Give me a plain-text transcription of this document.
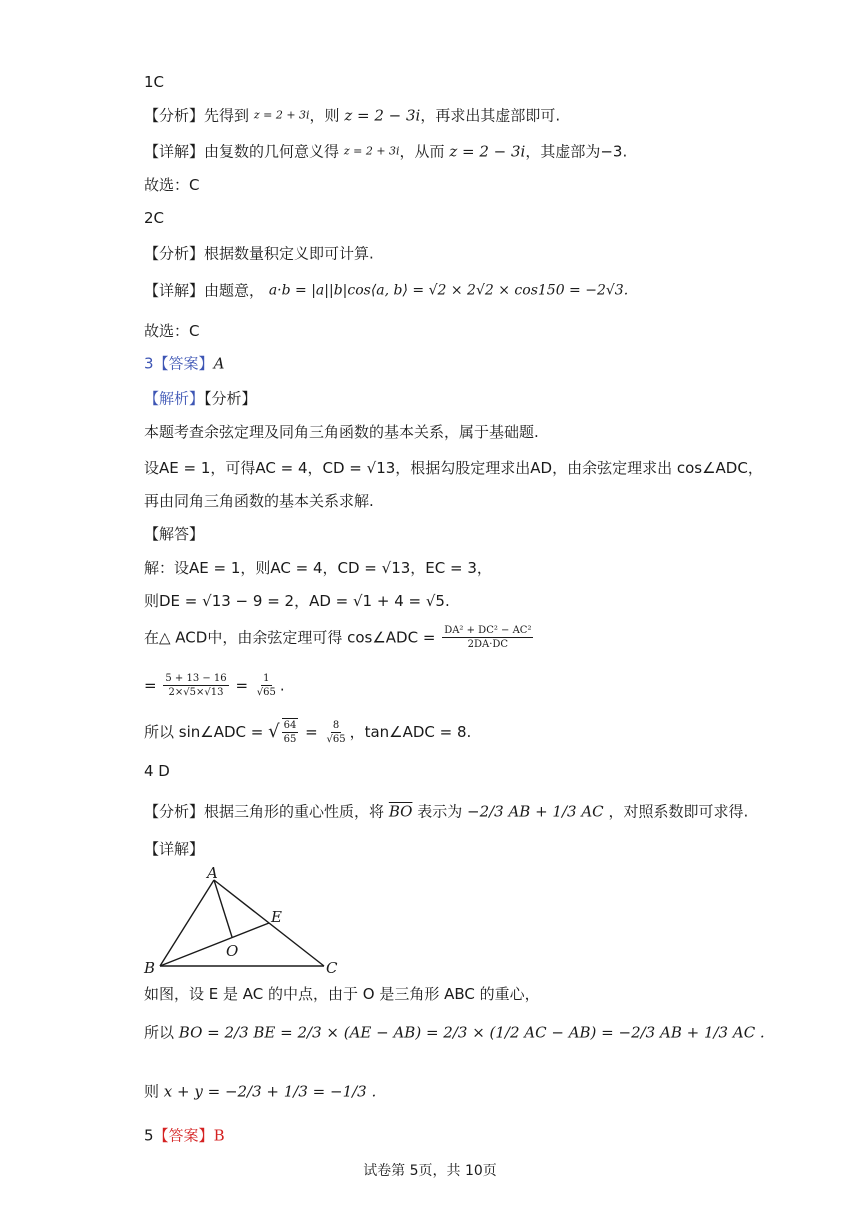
1C
【分析】先得到 z = 2 + 3i，则 z = 2 − 3i，再求出其虚部即可.
【详解】由复数的几何意义得 z = 2 + 3i，从而 z = 2 − 3i，其虚部为−3.
故选：C
2C
【分析】根据数量积定义即可计算.
【详解】由题意， a·b = |a||b|cos⟨a, b⟩ = √2 × 2√2 × cos150 = −2√3.
故选：C
3【答案】A
【解析】【分析】
本题考查余弦定理及同角三角函数的基本关系，属于基础题.
设AE = 1，可得AC = 4，CD = √13，根据勾股定理求出AD，由余弦定理求出 cos∠ADC，
再由同角三角函数的基本关系求解.
【解答】
解：设AE = 1，则AC = 4，CD = √13，EC = 3，
则DE = √13 − 9 = 2，AD = √1 + 4 = √5.
在△ ACD中，由余弦定理可得 cos∠ADC = $\frac{\text{DA² + DC² − AC²}}{2DA\cdot DC}$
= $\frac{5 + 13 - 16}{2\times√5\times√13} = \frac{1}{√65}$ .
所以 sin∠ADC = √ $\frac{64}{65} = \frac{8}{√65}$ ，tan∠ADC = 8.
4 D
【分析】根据三角形的重心性质，将 $\overline{BO}$ 表示为 −2/3 AB + 1/3 AC ，对照系数即可求得.
【详解】
A
B	C
E
O
如图，设 E 是 AC 的中点，由于 O 是三角形 ABC 的重心，
所以 BO = 2/3 BE = 2/3 × (AE − AB) = 2/3 × (1/2 AC − AB) = −2/3 AB + 1/3 AC .
则 x + y = −2/3 + 1/3 = −1/3 .
5【答案】B
试卷第 5页，共 10页
